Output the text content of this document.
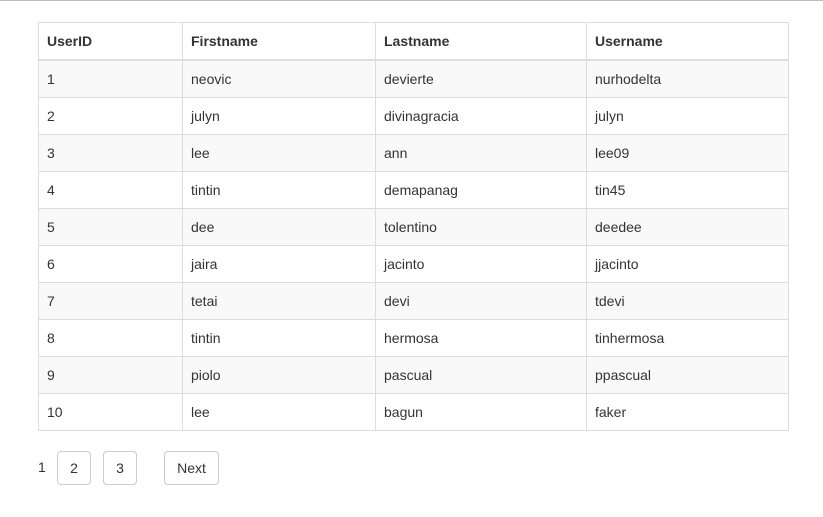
UserID	Firstname	Lastname	Username
1	neovic	devierte	nurhodelta
2	julyn	divinagracia	julyn
3	lee	ann	lee09
4	tintin	demapanag	tin45
5	dee	tolentino	deedee
6	jaira	jacinto	jjacinto
7	tetai	devi	tdevi
8	tintin	hermosa	tinhermosa
9	piolo	pascual	ppascual
10	lee	bagun	faker
1	2	3	Next
